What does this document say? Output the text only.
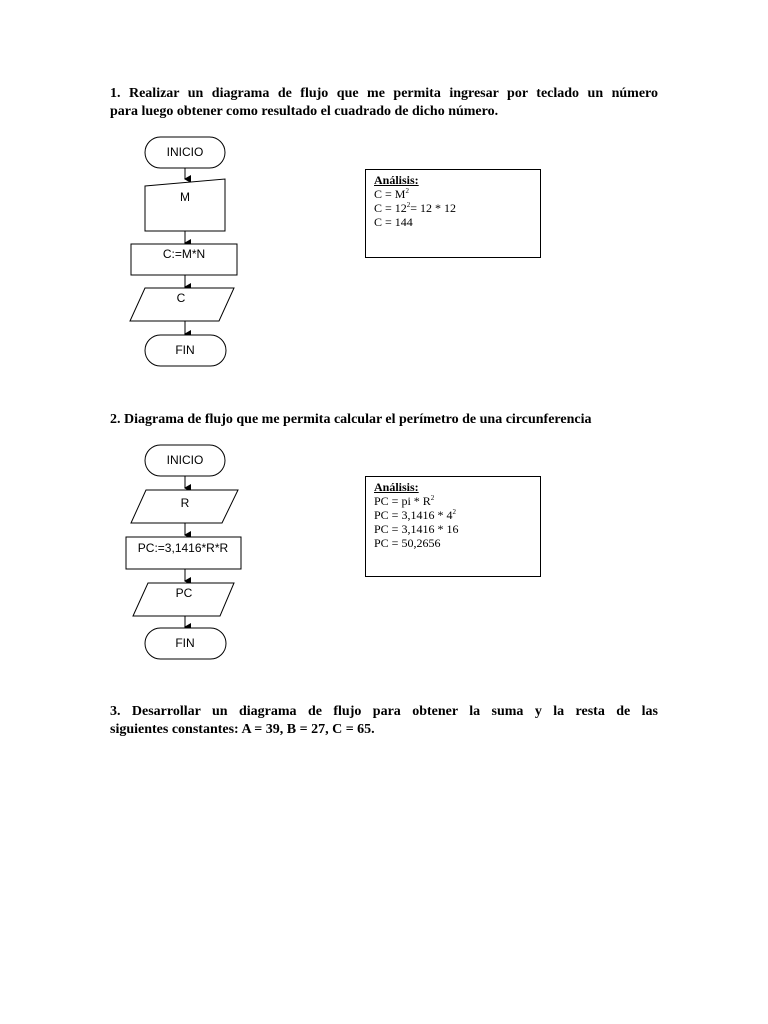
1. Realizar un diagrama de flujo que me permita ingresar por teclado un número

para luego obtener como resultado el cuadrado de dicho número.

INICIO
M
C:=M*N
C
FIN
INICIO
R
PC:=3,1416*R*R
PC
FIN
Análisis:
$C = M^2$
$C = 12^2= 12 * 12$
C = 144

2. Diagrama de flujo que me permita calcular el perímetro de una circunferencia

Análisis:
PC = pi * $R^2$
PC = $3,1416 * 4^2$
PC = 3,1416 * 16
PC = 50,2656

3. Desarrollar un diagrama de flujo para obtener la suma y la resta de las

siguientes constantes: A = 39, B = 27, C = 65.
